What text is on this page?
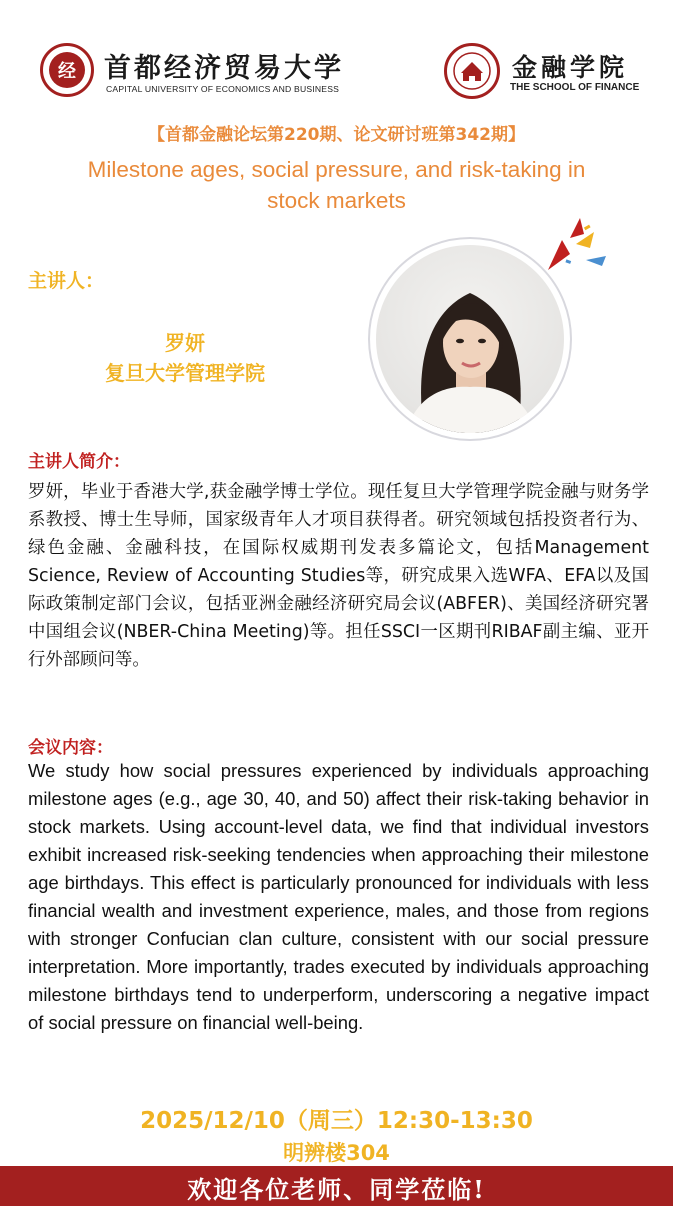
经	首都经济贸易大学
CAPITAL UNIVERSITY OF ECONOMICS AND BUSINESS
金融学院
THE SCHOOL OF FINANCE
【首都金融论坛第220期、论文研讨班第342期】
Milestone ages, social pressure, and risk-taking in stock markets
主讲人：
罗妍
复旦大学管理学院
主讲人简介：
罗妍，毕业于香港大学,获金融学博士学位。现任复旦大学管理学院金融与财务学系教授、博士生导师，国家级青年人才项目获得者。研究领域包括投资者行为、绿色金融、金融科技，在国际权威期刊发表多篇论文，包括Management Science, Review of Accounting Studies等，研究成果入选WFA、EFA以及国际政策制定部门会议，包括亚洲金融经济研究局会议(ABFER)、美国经济研究署中国组会议(NBER-China Meeting)等。担任SSCI一区期刊RIBAF副主编、亚开行外部顾问等。
会议内容：
We study how social pressures experienced by individuals approaching milestone ages (e.g., age 30, 40, and 50) affect their risk-taking behavior in stock markets. Using account-level data, we find that individual investors exhibit increased risk-seeking tendencies when approaching their milestone age birthdays. This effect is particularly pronounced for individuals with less financial wealth and investment experience, males, and those from regions with stronger Confucian clan culture, consistent with our social pressure interpretation. More importantly, trades executed by individuals approaching milestone birthdays tend to underperform, underscoring a negative impact of social pressure on financial well-being.
2025/12/10（周三）12:30-13:30
明辨楼304
欢迎各位老师、同学莅临!
